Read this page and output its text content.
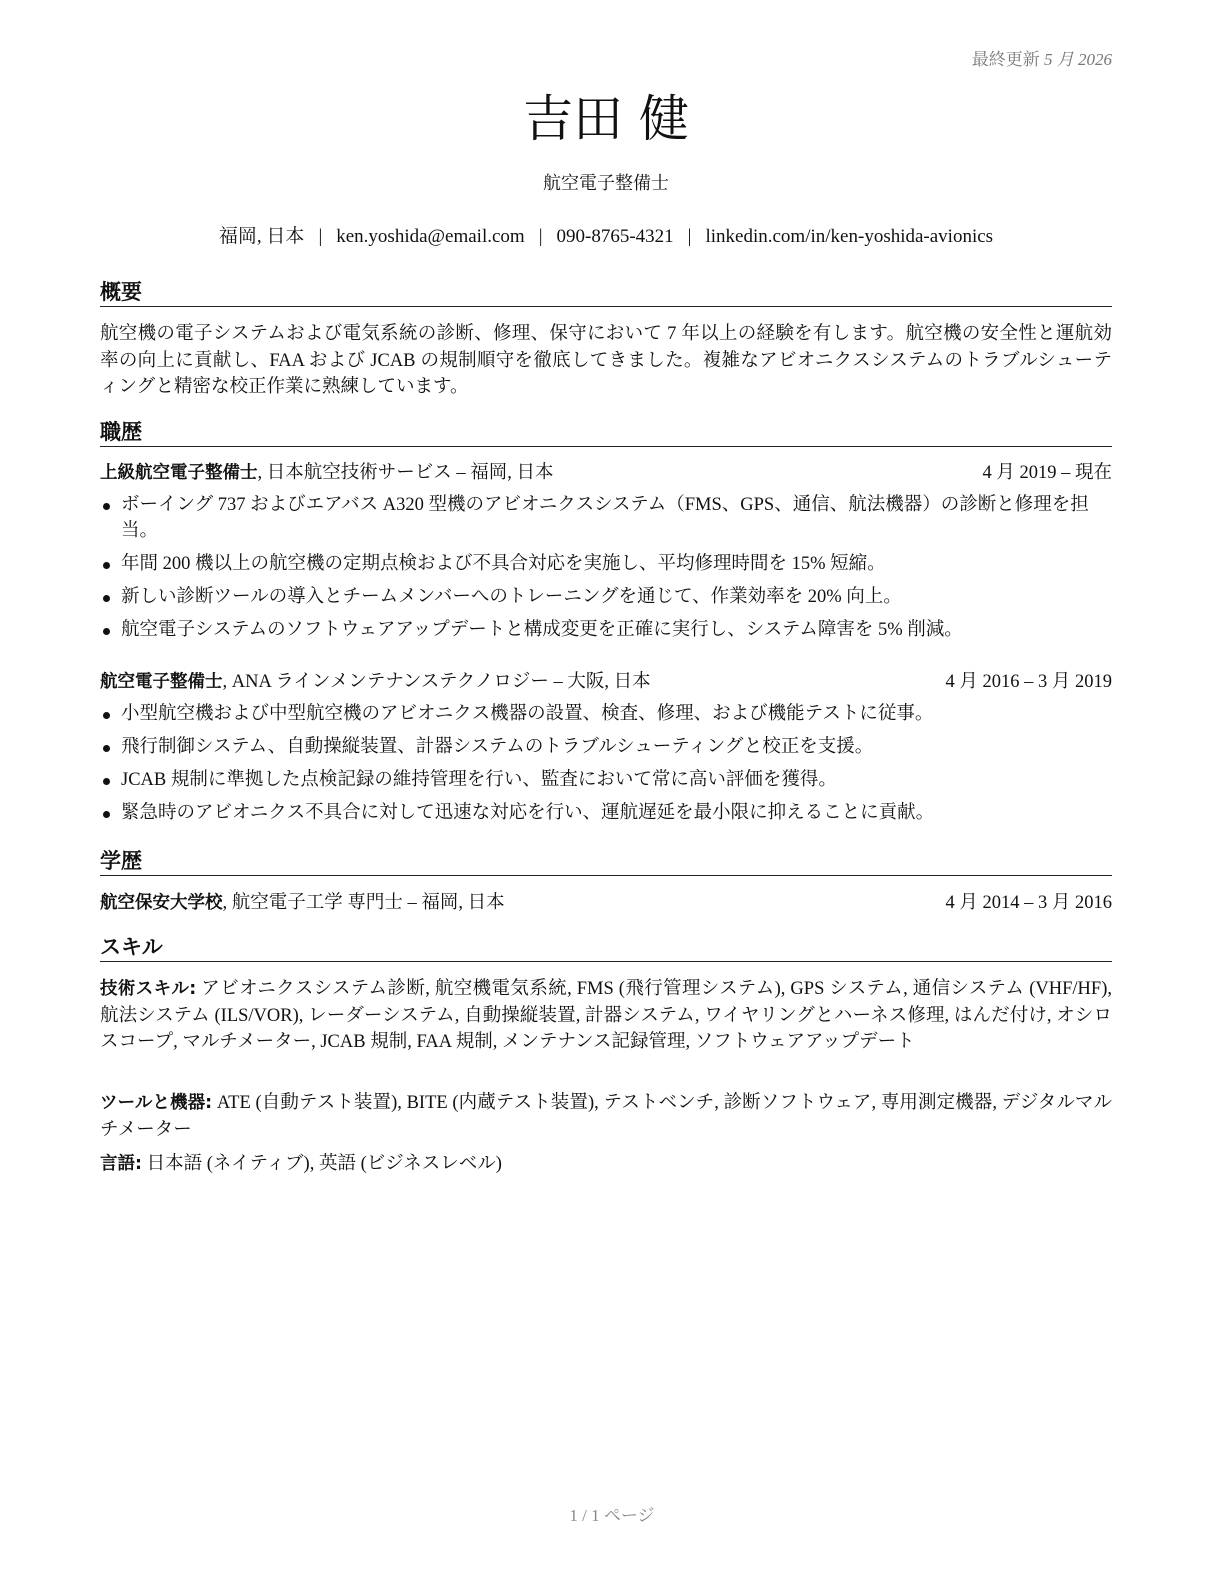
最終更新 5 月 2026
吉田 健
航空電子整備士
福岡, 日本 | ken.yoshida@email.com | 090-8765-4321 | linkedin.com/in/ken-yoshida-avionics
概要
航空機の電子システムおよび電気系統の診断、修理、保守において 7 年以上の経験を有します。航空機の安全性と運航効率の向上に貢献し、FAA および JCAB の規制順守を徹底してきました。複雑なアビオニクスシステムのトラブルシューティングと精密な校正作業に熟練しています。
職歴
上級航空電子整備士, 日本航空技術サービス – 福岡, 日本	4 月 2019 – 現在
ボーイング 737 およびエアバス A320 型機のアビオニクスシステム（FMS、GPS、通信、航法機器）の診断と修理を担当。
年間 200 機以上の航空機の定期点検および不具合対応を実施し、平均修理時間を 15% 短縮。
新しい診断ツールの導入とチームメンバーへのトレーニングを通じて、作業効率を 20% 向上。
航空電子システムのソフトウェアアップデートと構成変更を正確に実行し、システム障害を 5% 削減。
航空電子整備士, ANA ラインメンテナンステクノロジー – 大阪, 日本	4 月 2016 – 3 月 2019
小型航空機および中型航空機のアビオニクス機器の設置、検査、修理、および機能テストに従事。
飛行制御システム、自動操縦装置、計器システムのトラブルシューティングと校正を支援。
JCAB 規制に準拠した点検記録の維持管理を行い、監査において常に高い評価を獲得。
緊急時のアビオニクス不具合に対して迅速な対応を行い、運航遅延を最小限に抑えることに貢献。
学歴
航空保安大学校, 航空電子工学 専門士 – 福岡, 日本	4 月 2014 – 3 月 2016
スキル
技術スキル: アビオニクスシステム診断, 航空機電気系統, FMS (飛行管理システム), GPS システム, 通信システム (VHF/HF), 航法システム (ILS/VOR), レーダーシステム, 自動操縦装置, 計器システム, ワイヤリングとハーネス修理, はんだ付け, オシロスコープ, マルチメーター, JCAB 規制, FAA 規制, メンテナンス記録管理, ソフトウェアアップデート
ツールと機器: ATE (自動テスト装置), BITE (内蔵テスト装置), テストベンチ, 診断ソフトウェア, 専用測定機器, デジタルマルチメーター
言語: 日本語 (ネイティブ), 英語 (ビジネスレベル)
1 / 1 ページ
